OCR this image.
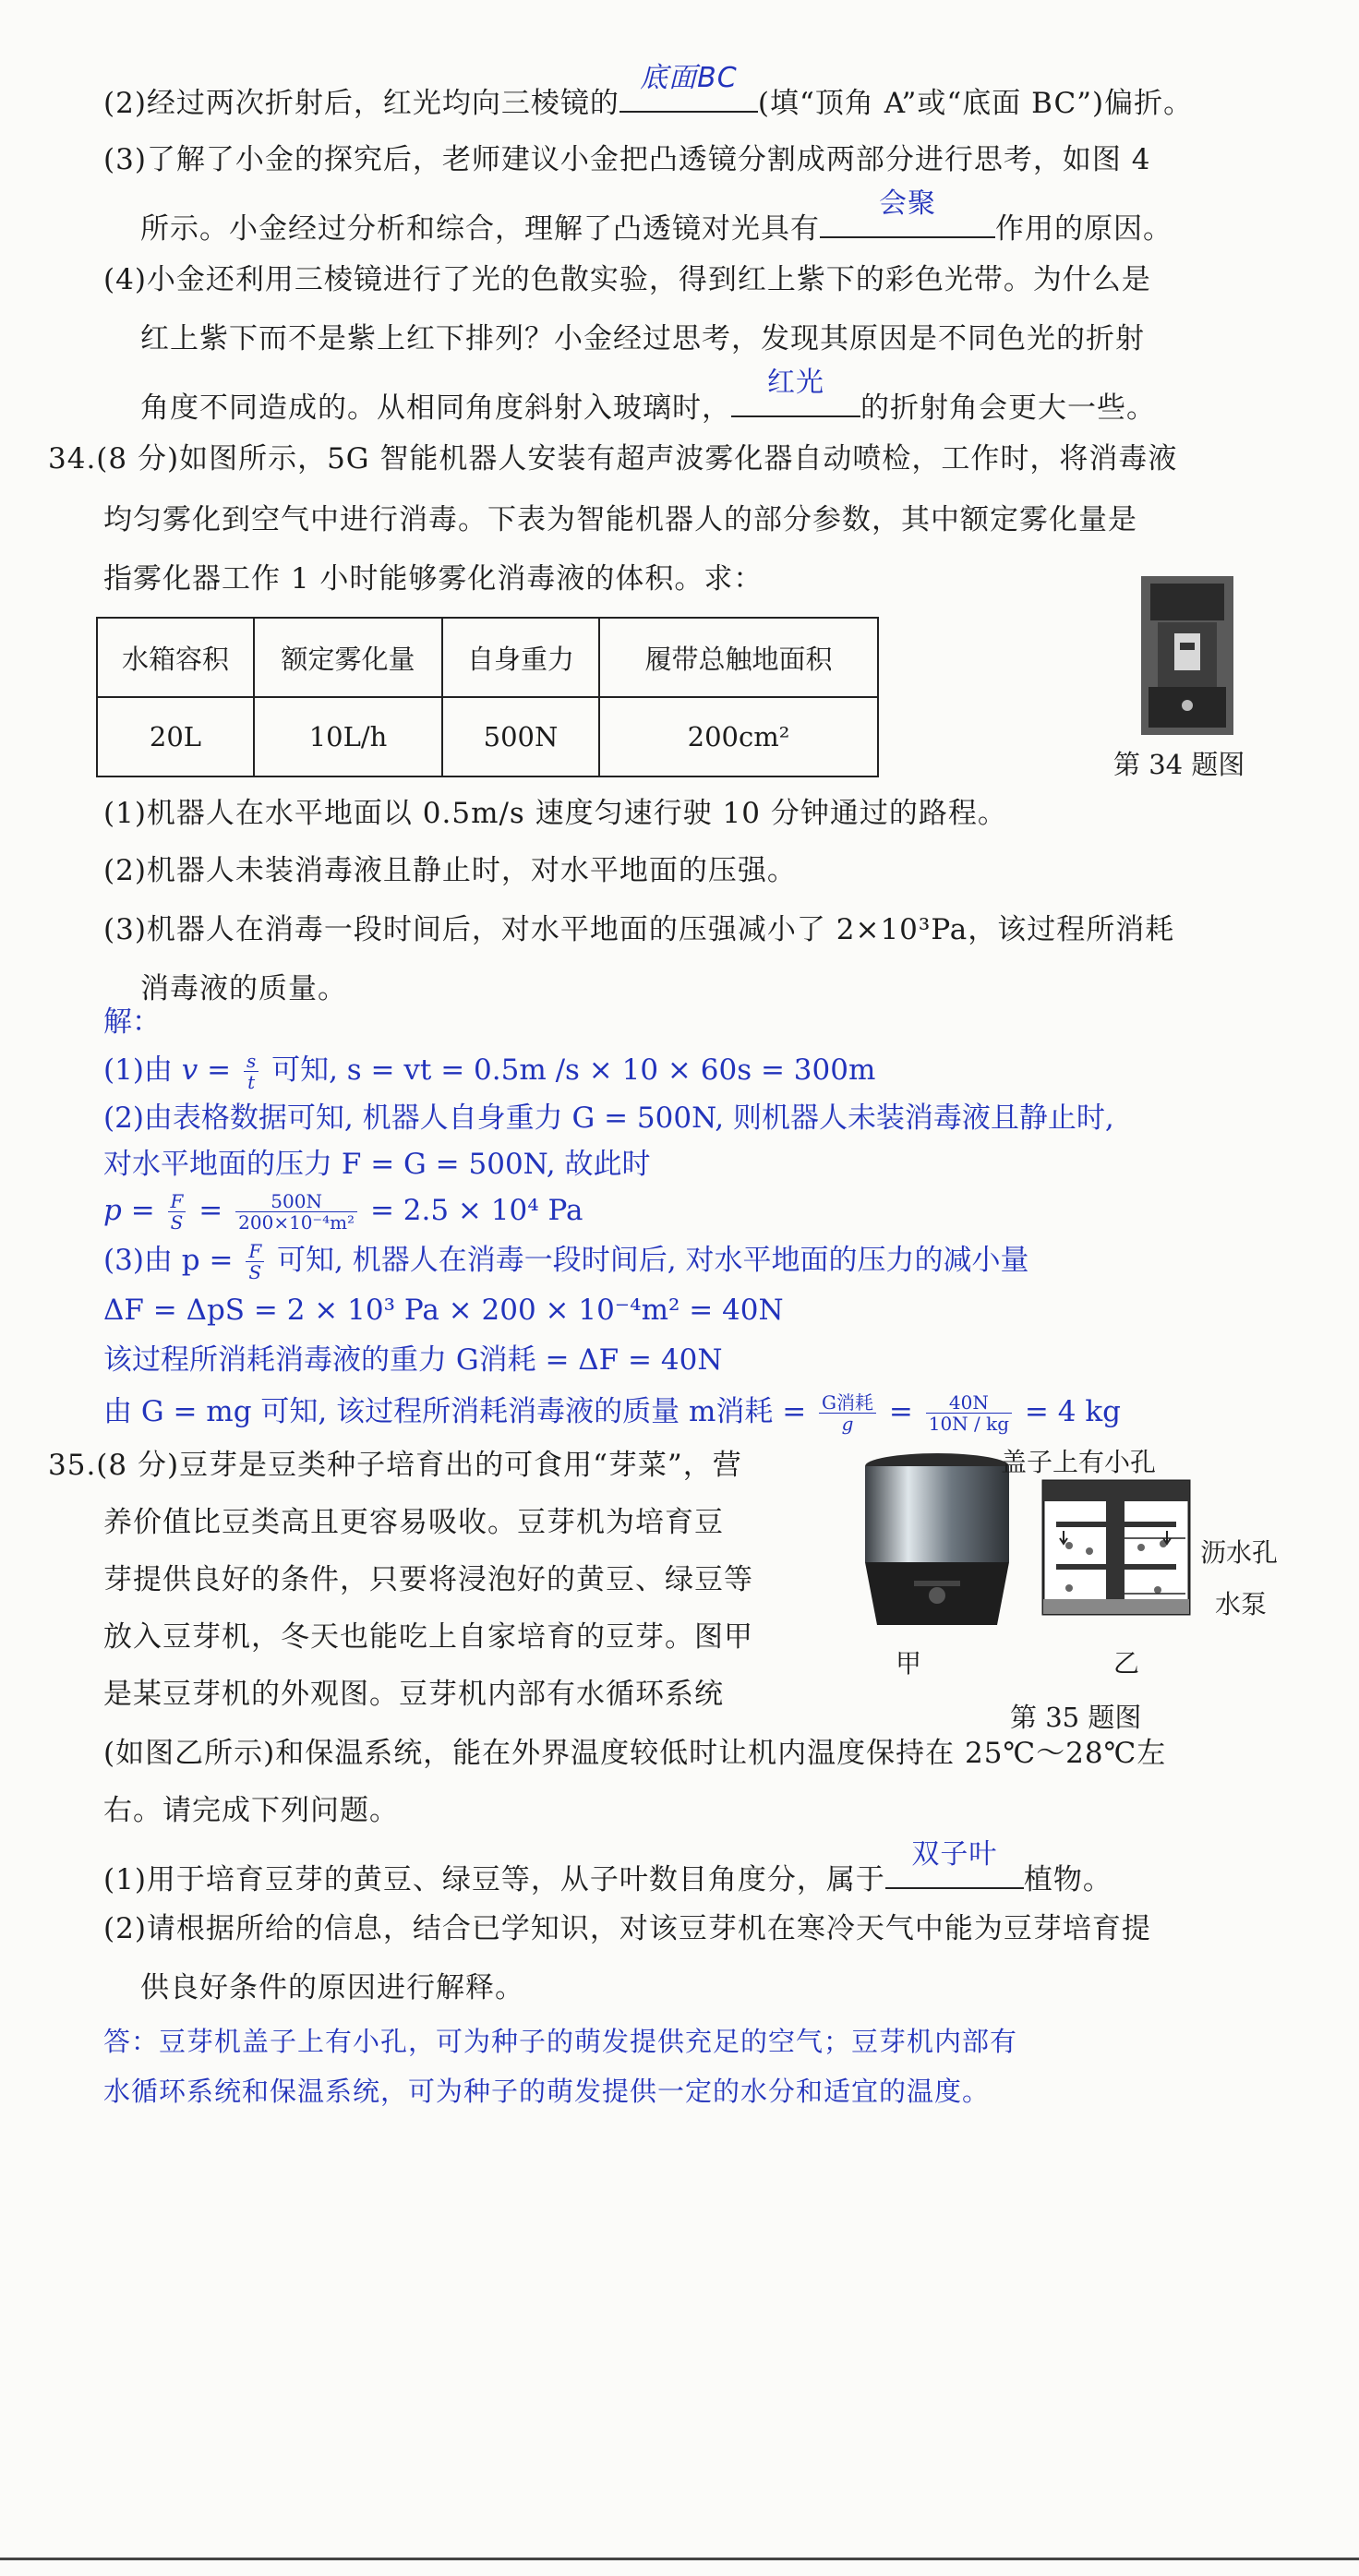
(2)经过两次折射后，红光均向三棱镜的
底面BC
(填“顶角 A”或“底面 BC”)偏折。
(3)了解了小金的探究后，老师建议小金把凸透镜分割成两部分进行思考，如图 4
所示。小金经过分析和综合，理解了凸透镜对光具有
会聚
作用的原因。
(4)小金还利用三棱镜进行了光的色散实验，得到红上紫下的彩色光带。为什么是
红上紫下而不是紫上红下排列？小金经过思考，发现其原因是不同色光的折射
角度不同造成的。从相同角度斜射入玻璃时，
红光
的折射角会更大一些。
34.(8 分)如图所示，5G 智能机器人安装有超声波雾化器自动喷检，工作时，将消毒液
均匀雾化到空气中进行消毒。下表为智能机器人的部分参数，其中额定雾化量是
指雾化器工作 1 小时能够雾化消毒液的体积。求：
水箱容积	额定雾化量	自身重力	履带总触地面积
20L	10L/h	500N	200cm²
第 34 题图
(1)机器人在水平地面以 0.5m/s 速度匀速行驶 10 分钟通过的路程。
(2)机器人未装消毒液且静止时，对水平地面的压强。
(3)机器人在消毒一段时间后，对水平地面的压强减小了 2×10³Pa，该过程所消耗
消毒液的质量。
解：
(1)由 $v = \frac{s}{t}$ 可知, s = vt = 0.5m /s × 10 × 60s = 300m
(2)由表格数据可知, 机器人自身重力 G = 500N, 则机器人未装消毒液且静止时,
对水平地面的压力 F = G = 500N, 故此时
$p = \frac{F}{S} = \frac{500N}{\text{200×10⁻⁴m²}} = 2.5 \times 10^4$ Pa
(3)由 $p = \frac{F}{S}$ 可知, 机器人在消毒一段时间后, 对水平地面的压力的减小量
ΔF = ΔpS = 2 × 10³ Pa × 200 × 10⁻⁴m² = 40N
该过程所消耗消毒液的重力 G消耗 = ΔF = 40N
由 G = mg 可知, 该过程所消耗消毒液的质量 m消耗 = $\frac{\text{G消耗}}{g} = \frac{40N}{10N / kg} = 4$ kg
35.(8 分)豆芽是豆类种子培育出的可食用“芽菜”，营
养价值比豆类高且更容易吸收。豆芽机为培育豆
芽提供良好的条件，只要将浸泡好的黄豆、绿豆等
放入豆芽机，冬天也能吃上自家培育的豆芽。图甲
是某豆芽机的外观图。豆芽机内部有水循环系统
甲
盖子上有小孔
沥水孔
水泵
乙
第 35 题图
(如图乙所示)和保温系统，能在外界温度较低时让机内温度保持在 25℃～28℃左
右。请完成下列问题。
(1)用于培育豆芽的黄豆、绿豆等，从子叶数目角度分，属于
双子叶
植物。
(2)请根据所给的信息，结合已学知识，对该豆芽机在寒冷天气中能为豆芽培育提
供良好条件的原因进行解释。
答：豆芽机盖子上有小孔，可为种子的萌发提供充足的空气；豆芽机内部有
水循环系统和保温系统，可为种子的萌发提供一定的水分和适宜的温度。
